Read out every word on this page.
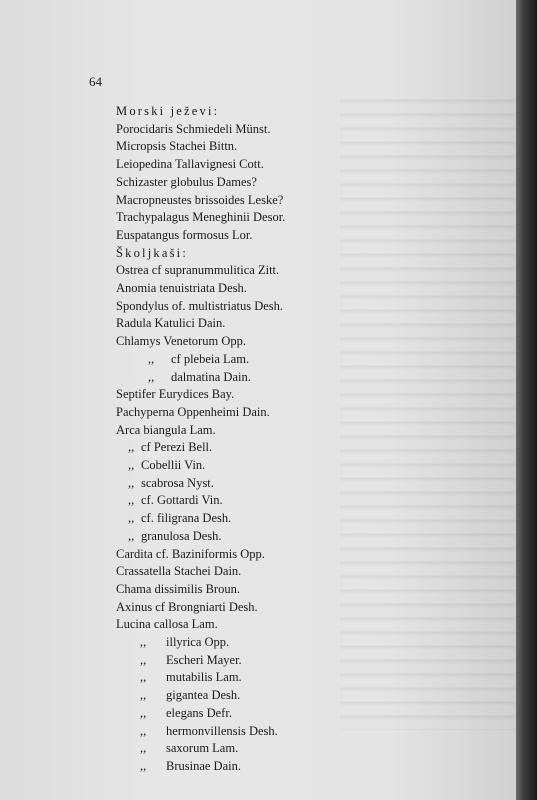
64
Morski ježevi:
Porocidaris Schmiedeli Münst.
Micropsis Stachei Bittn.
Leiopedina Tallavignesi Cott.
Schizaster globulus Dames?
Macropneustes brissoides Leske?
Trachypalagus Meneghinii Desor.
Euspatangus formosus Lor.
Školjkaši:
Ostrea cf supranummulitica Zitt.
Anomia tenuistriata Desh.
Spondylus of. multistriatus Desh.
Radula Katulici Dain.
Chlamys Venetorum Opp.
,, cf plebeia Lam.
,, dalmatina Dain.
Septifer Eurydices Bay.
Pachyperna Oppenheimi Dain.
Arca biangula Lam.
,, cf Perezi Bell.
,, Cobellii Vin.
,, scabrosa Nyst.
,, cf. Gottardi Vin.
,, cf. filigrana Desh.
,, granulosa Desh.
Cardita cf. Baziniformis Opp.
Crassatella Stachei Dain.
Chama dissimilis Broun.
Axinus cf Brongniarti Desh.
Lucina callosa Lam.
,, illyrica Opp.
,, Escheri Mayer.
,, mutabilis Lam.
,, gigantea Desh.
,, elegans Defr.
,, hermonvillensis Desh.
,, saxorum Lam.
,, Brusinae Dain.
